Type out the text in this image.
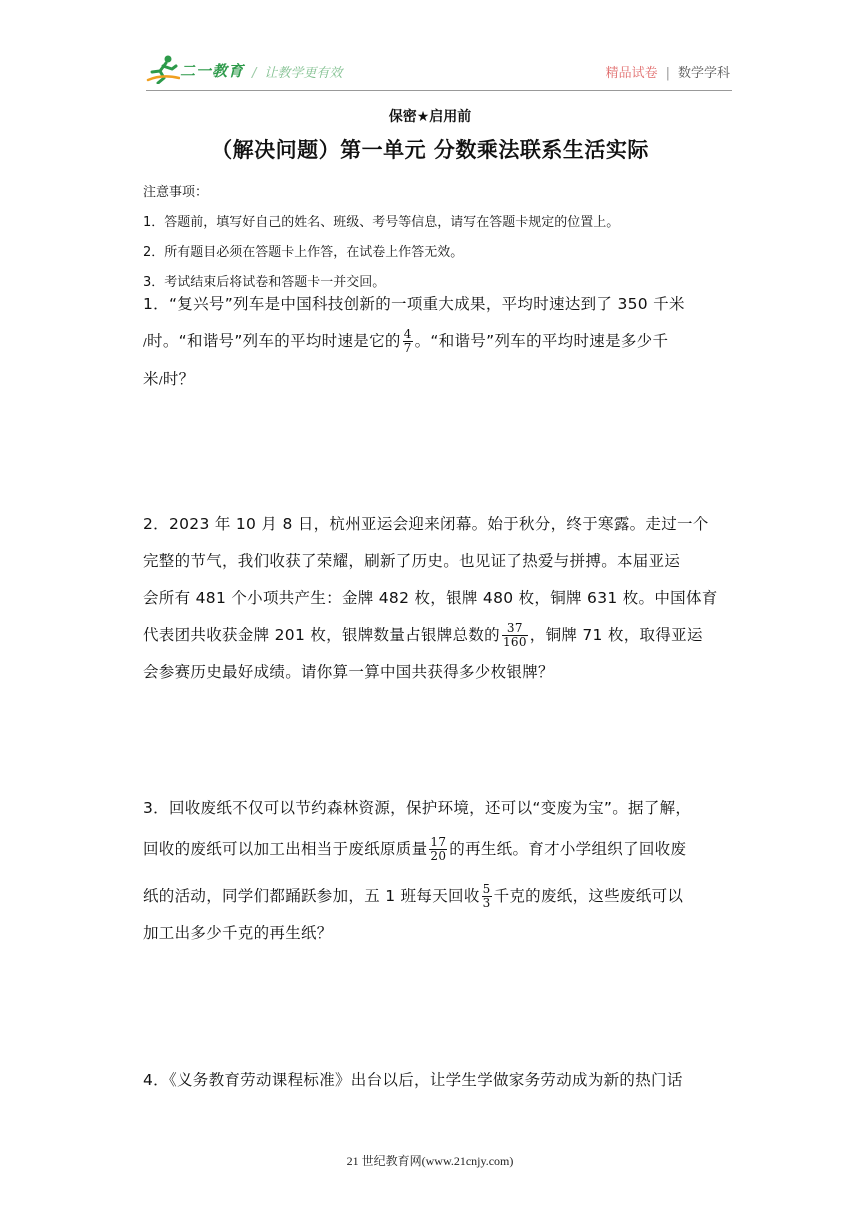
二一教育 / 让教学更有效	精品试卷 | 数学学科
保密★启用前
（解决问题）第一单元 分数乘法联系生活实际
注意事项：
1．答题前，填写好自己的姓名、班级、考号等信息，请写在答题卡规定的位置上。
2．所有题目必须在答题卡上作答，在试卷上作答无效。
3．考试结束后将试卷和答题卡一并交回。
1．“复兴号”列车是中国科技创新的一项重大成果，平均时速达到了 350 千米
/时。“和谐号”列车的平均时速是它的 $\frac{4}{7}$ 。“和谐号”列车的平均时速是多少千
米/时？
2．2023 年 10 月 8 日，杭州亚运会迎来闭幕。始于秋分，终于寒露。走过一个
完整的节气，我们收获了荣耀，刷新了历史。也见证了热爱与拼搏。本届亚运
会所有 481 个小项共产生：金牌 482 枚，银牌 480 枚，铜牌 631 枚。中国体育
代表团共收获金牌 201 枚，银牌数量占银牌总数的 $\frac{37}{160}$ ，铜牌 71 枚，取得亚运
会参赛历史最好成绩。请你算一算中国共获得多少枚银牌？
3．回收废纸不仅可以节约森林资源，保护环境，还可以“变废为宝”。据了解，
回收的废纸可以加工出相当于废纸原质量 $\frac{17}{20}$ 的再生纸。育才小学组织了回收废
纸的活动，同学们都踊跃参加，五 1 班每天回收 $\frac{5}{3}$ 千克的废纸，这些废纸可以
加工出多少千克的再生纸？
4．《义务教育劳动课程标准》出台以后，让学生学做家务劳动成为新的热门话
21 世纪教育网(www.21cnjy.com)
